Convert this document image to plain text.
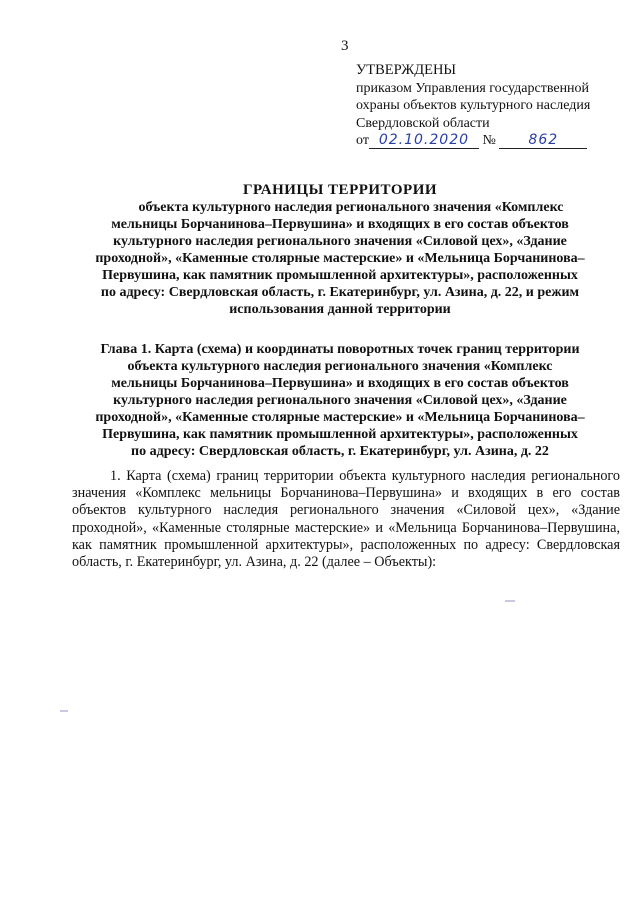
3
УТВЕРЖДЕНЫ
приказом Управления государственной
охраны объектов культурного наследия
Свердловской области
от 02.10.2020 № 862
ГРАНИЦЫ ТЕРРИТОРИИ
объекта культурного наследия регионального значения «Комплекс
мельницы Борчанинова–Первушина» и входящих в его состав объектов
культурного наследия регионального значения «Силовой цех», «Здание
проходной», «Каменные столярные мастерские» и «Мельница Борчанинова–
Первушина, как памятник промышленной архитектуры», расположенных
по адресу: Свердловская область, г. Екатеринбург, ул. Азина, д. 22, и режим
использования данной территории
Глава 1. Карта (схема) и координаты поворотных точек границ территории
объекта культурного наследия регионального значения «Комплекс
мельницы Борчанинова–Первушина» и входящих в его состав объектов
культурного наследия регионального значения «Силовой цех», «Здание
проходной», «Каменные столярные мастерские» и «Мельница Борчанинова–
Первушина, как памятник промышленной архитектуры», расположенных
по адресу: Свердловская область, г. Екатеринбург, ул. Азина, д. 22
1. Карта (схема) границ территории объекта культурного наследия регионального значения «Комплекс мельницы Борчанинова–Первушина» и входящих в его состав объектов культурного наследия регионального значения «Силовой цех», «Здание проходной», «Каменные столярные мастерские» и «Мельница Борчанинова–Первушина, как памятник промышленной архитектуры», расположенных по адресу: Свердловская область, г. Екатеринбург, ул. Азина, д. 22 (далее – Объекты):
